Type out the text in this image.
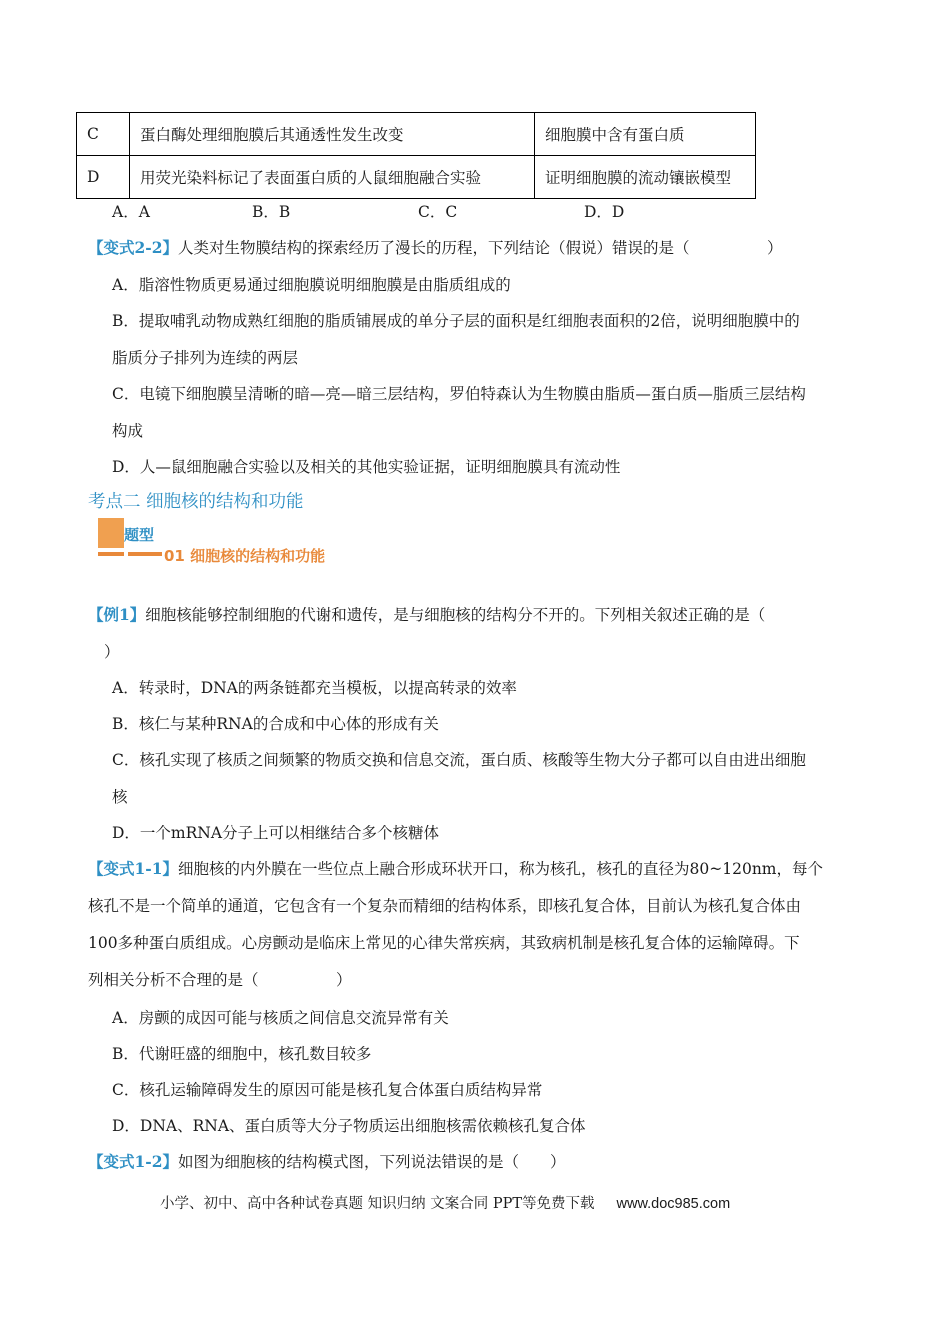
C	蛋白酶处理细胞膜后其通透性发生改变	细胞膜中含有蛋白质
D	用荧光染料标记了表面蛋白质的人鼠细胞融合实验	证明细胞膜的流动镶嵌模型
A．A	B．B	C．C	D．D
【变式2-2】人类对生物膜结构的探索经历了漫长的历程，下列结论（假说）错误的是（　　　　　）
A．脂溶性物质更易通过细胞膜说明细胞膜是由脂质组成的
B．提取哺乳动物成熟红细胞的脂质铺展成的单分子层的面积是红细胞表面积的2倍，说明细胞膜中的
脂质分子排列为连续的两层
C．电镜下细胞膜呈清晰的暗—亮—暗三层结构，罗伯特森认为生物膜由脂质—蛋白质—脂质三层结构
构成
D．人—鼠细胞融合实验以及相关的其他实验证据，证明细胞膜具有流动性
考点二 细胞核的结构和功能
题型
01 细胞核的结构和功能
【例1】细胞核能够控制细胞的代谢和遗传，是与细胞核的结构分不开的。下列相关叙述正确的是（
）
A．转录时，DNA的两条链都充当模板，以提高转录的效率
B．核仁与某种RNA的合成和中心体的形成有关
C．核孔实现了核质之间频繁的物质交换和信息交流，蛋白质、核酸等生物大分子都可以自由进出细胞
核
D．一个mRNA分子上可以相继结合多个核糖体
【变式1-1】细胞核的内外膜在一些位点上融合形成环状开口，称为核孔，核孔的直径为80~120nm，每个
核孔不是一个简单的通道，它包含有一个复杂而精细的结构体系，即核孔复合体，目前认为核孔复合体由
100多种蛋白质组成。心房颤动是临床上常见的心律失常疾病，其致病机制是核孔复合体的运输障碍。下
列相关分析不合理的是（　　　　　）
A．房颤的成因可能与核质之间信息交流异常有关
B．代谢旺盛的细胞中，核孔数目较多
C．核孔运输障碍发生的原因可能是核孔复合体蛋白质结构异常
D．DNA、RNA、蛋白质等大分子物质运出细胞核需依赖核孔复合体
【变式1-2】如图为细胞核的结构模式图，下列说法错误的是（　　）
小学、初中、高中各种试卷真题 知识归纳 文案合同 PPT等免费下载 www.doc985.com
